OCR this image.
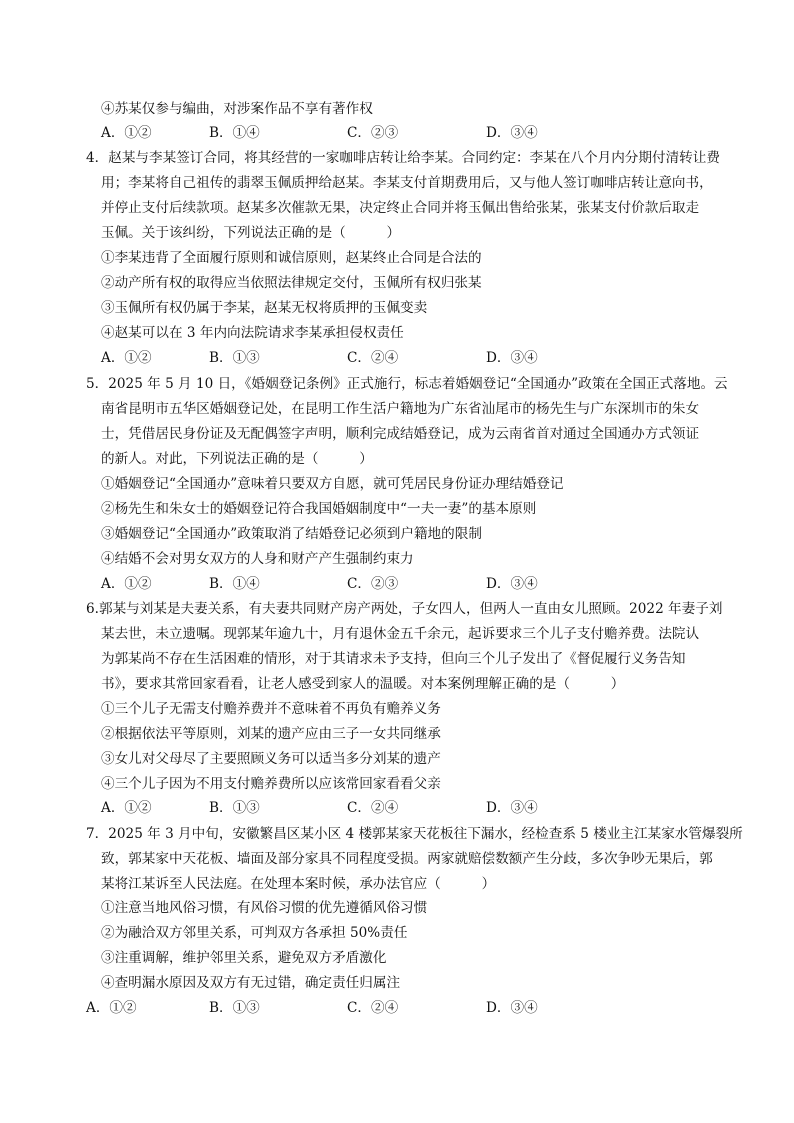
④苏某仅参与编曲，对涉案作品不享有著作权
A．①②	B．①④	C．②③	D．③④
4．赵某与李某签订合同，将其经营的一家咖啡店转让给李某。合同约定：李某在八个月内分期付清转让费
用；李某将自己祖传的翡翠玉佩质押给赵某。李某支付首期费用后，又与他人签订咖啡店转让意向书，
并停止支付后续款项。赵某多次催款无果，决定终止合同并将玉佩出售给张某，张某支付价款后取走
玉佩。关于该纠纷，下列说法正确的是（　　　）
①李某违背了全面履行原则和诚信原则，赵某终止合同是合法的
②动产所有权的取得应当依照法律规定交付，玉佩所有权归张某
③玉佩所有权仍属于李某，赵某无权将质押的玉佩变卖
④赵某可以在 3 年内向法院请求李某承担侵权责任
A．①②	B．①③	C．②④	D．③④
5．2025 年 5 月 10 日，《婚姻登记条例》正式施行，标志着婚姻登记“全国通办”政策在全国正式落地。云
南省昆明市五华区婚姻登记处，在昆明工作生活户籍地为广东省汕尾市的杨先生与广东深圳市的朱女
士，凭借居民身份证及无配偶签字声明，顺利完成结婚登记，成为云南省首对通过全国通办方式领证
的新人。对此，下列说法正确的是（　　　）
①婚姻登记“全国通办”意味着只要双方自愿，就可凭居民身份证办理结婚登记
②杨先生和朱女士的婚姻登记符合我国婚姻制度中“一夫一妻”的基本原则
③婚姻登记“全国通办”政策取消了结婚登记必须到户籍地的限制
④结婚不会对男女双方的人身和财产产生强制约束力
A．①②	B．①④	C．②③	D．③④
6.郭某与刘某是夫妻关系，有夫妻共同财产房产两处，子女四人，但两人一直由女儿照顾。2022 年妻子刘
某去世，未立遗嘱。现郭某年逾九十，月有退休金五千余元，起诉要求三个儿子支付赡养费。法院认
为郭某尚不存在生活困难的情形，对于其请求未予支持，但向三个儿子发出了《督促履行义务告知
书》，要求其常回家看看，让老人感受到家人的温暖。对本案例理解正确的是（　　　）
①三个儿子无需支付赡养费并不意味着不再负有赡养义务
②根据依法平等原则，刘某的遗产应由三子一女共同继承
③女儿对父母尽了主要照顾义务可以适当多分刘某的遗产
④三个儿子因为不用支付赡养费所以应该常回家看看父亲
A．①②	B．①③	C．②④	D．③④
7．2025 年 3 月中旬，安徽繁昌区某小区 4 楼郭某家天花板往下漏水，经检查系 5 楼业主江某家水管爆裂所
致，郭某家中天花板、墙面及部分家具不同程度受损。两家就赔偿数额产生分歧，多次争吵无果后，郭
某将江某诉至人民法庭。在处理本案时候，承办法官应（　　　）
①注意当地风俗习惯，有风俗习惯的优先遵循风俗习惯
②为融洽双方邻里关系，可判双方各承担 50%责任
③注重调解，维护邻里关系，避免双方矛盾激化
④查明漏水原因及双方有无过错，确定责任归属注
A．①②	B．①③	C．②④	D．③④
